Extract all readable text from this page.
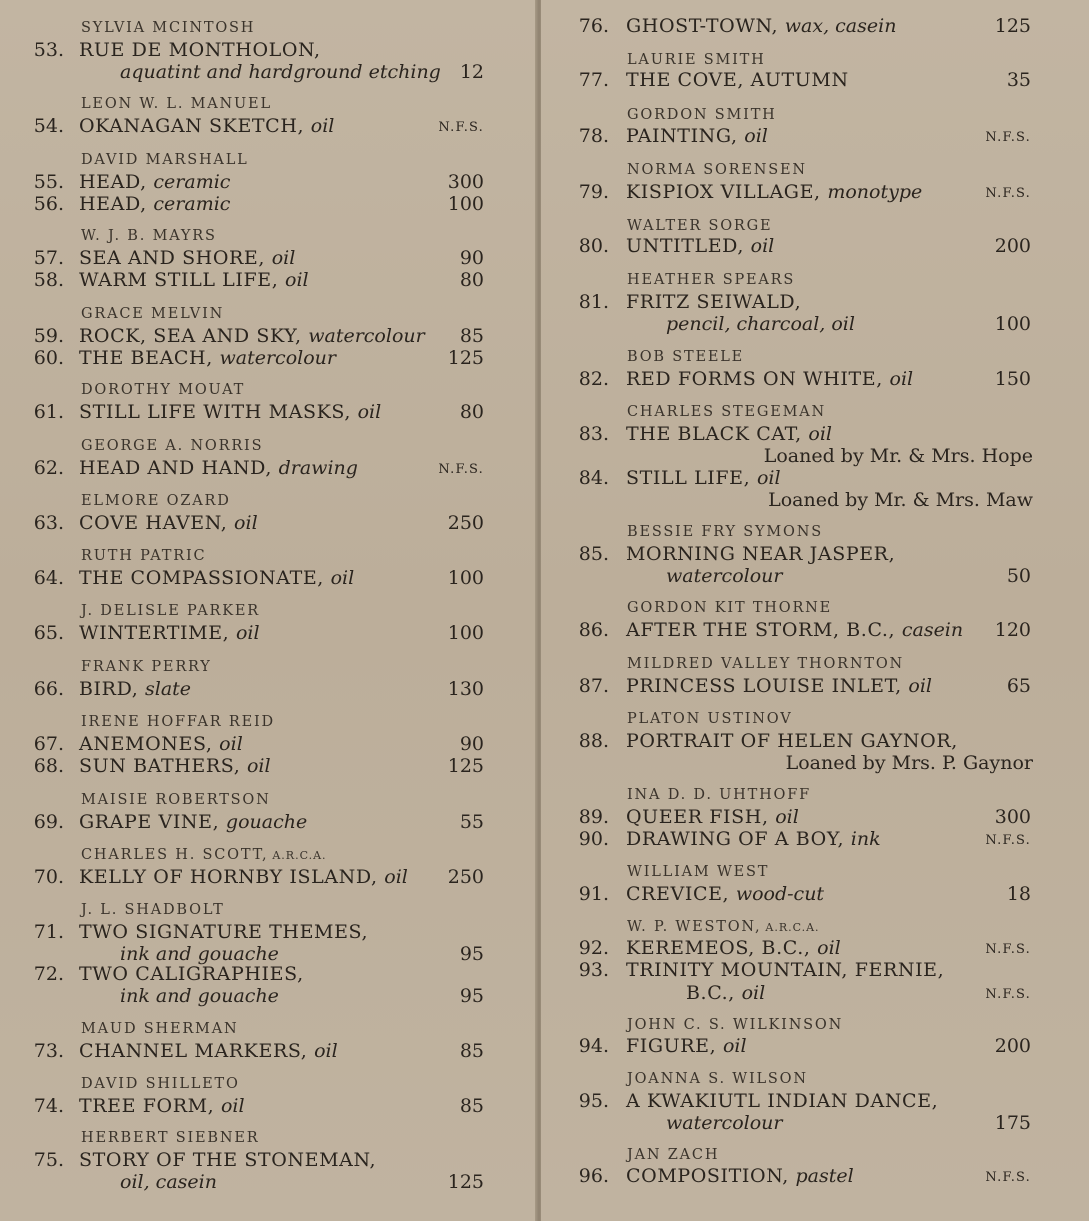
SYLVIA MCINTOSH
53. RUE DE MONTHOLON,
aquatint and hardground etching 12
LEON W. L. MANUEL
54. OKANAGAN SKETCH, oil	N.F.S.
DAVID MARSHALL
55. HEAD, ceramic	300
56. HEAD, ceramic	100
W. J. B. MAYRS
57. SEA AND SHORE, oil	90
58. WARM STILL LIFE, oil	80
GRACE MELVIN
59. ROCK, SEA AND SKY, watercolour 85
60. THE BEACH, watercolour	125
DOROTHY MOUAT
61. STILL LIFE WITH MASKS, oil	80
GEORGE A. NORRIS
62. HEAD AND HAND, drawing	N.F.S.
ELMORE OZARD
63. COVE HAVEN, oil	250
RUTH PATRIC
64. THE COMPASSIONATE, oil	100
J. DELISLE PARKER
65. WINTERTIME, oil	100
FRANK PERRY
66. BIRD, slate	130
IRENE HOFFAR REID
67. ANEMONES, oil	90
68. SUN BATHERS, oil	125
MAISIE ROBERTSON
69. GRAPE VINE, gouache	55
CHARLES H. SCOTT, A.R.C.A.
70. KELLY OF HORNBY ISLAND, oil 250
J. L. SHADBOLT
71. TWO SIGNATURE THEMES,
ink and gouache	95
72. TWO CALIGRAPHIES,
ink and gouache	95
MAUD SHERMAN
73. CHANNEL MARKERS, oil	85
DAVID SHILLETO
74. TREE FORM, oil	85
HERBERT SIEBNER
75. STORY OF THE STONEMAN,
oil, casein	125
76. GHOST-TOWN, wax, casein	125
LAURIE SMITH
77. THE COVE, AUTUMN	35
GORDON SMITH
78. PAINTING, oil	N.F.S.
NORMA SORENSEN
79. KISPIOX VILLAGE, monotype	N.F.S.
WALTER SORGE
80. UNTITLED, oil	200
HEATHER SPEARS
81. FRITZ SEIWALD,
pencil, charcoal, oil	100
BOB STEELE
82. RED FORMS ON WHITE, oil	150
CHARLES STEGEMAN
83. THE BLACK CAT, oil
Loaned by Mr. & Mrs. Hope
84. STILL LIFE, oil
Loaned by Mr. & Mrs. Maw
BESSIE FRY SYMONS
85. MORNING NEAR JASPER,
watercolour	50
GORDON KIT THORNE
86. AFTER THE STORM, B.C., casein 120
MILDRED VALLEY THORNTON
87. PRINCESS LOUISE INLET, oil	65
PLATON USTINOV
88. PORTRAIT OF HELEN GAYNOR,
Loaned by Mrs. P. Gaynor
INA D. D. UHTHOFF
89. QUEER FISH, oil	300
90. DRAWING OF A BOY, ink	N.F.S.
WILLIAM WEST
91. CREVICE, wood-cut	18
W. P. WESTON, A.R.C.A.
92. KEREMEOS, B.C., oil	N.F.S.
93. TRINITY MOUNTAIN, FERNIE,
B.C., oil	N.F.S.
JOHN C. S. WILKINSON
94. FIGURE, oil	200
JOANNA S. WILSON
95. A KWAKIUTL INDIAN DANCE,
watercolour	175
JAN ZACH
96. COMPOSITION, pastel	N.F.S.
